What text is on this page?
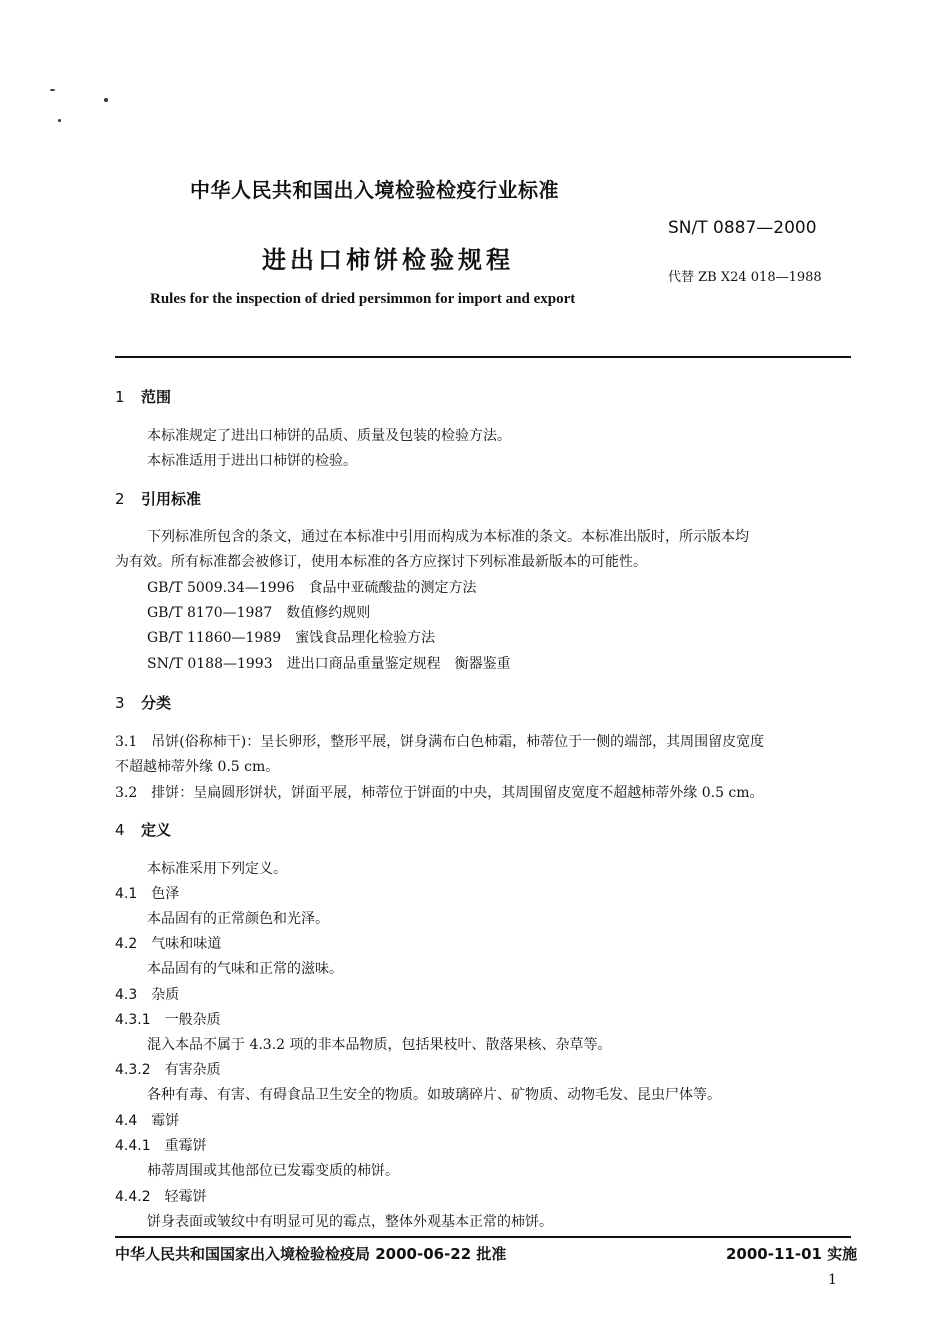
中华人民共和国出入境检验检疫行业标准
SN/T 0887—2000
进出口柿饼检验规程
代替 ZB X24 018—1988
Rules for the inspection of dried persimmon for import and export
1 范围
本标准规定了进出口柿饼的品质、质量及包装的检验方法。
本标准适用于进出口柿饼的检验。
2 引用标准
下列标准所包含的条文，通过在本标准中引用而构成为本标准的条文。本标准出版时，所示版本均
为有效。所有标准都会被修订，使用本标准的各方应探讨下列标准最新版本的可能性。
GB/T 5009.34—1996　 食品中亚硫酸盐的测定方法
GB/T 8170—1987　 数值修约规则
GB/T 11860—1989　 蜜饯食品理化检验方法
SN/T 0188—1993　 进出口商品重量鉴定规程　衡器鉴重
3 分类
3.1　吊饼(俗称柿干)：呈长卵形，整形平展，饼身满布白色柿霜，柿蒂位于一侧的端部，其周围留皮宽度
不超越柿蒂外缘 0.5 cm。
3.2　排饼：呈扁圆形饼状，饼面平展，柿蒂位于饼面的中央，其周围留皮宽度不超越柿蒂外缘 0.5 cm。
4 定义
本标准采用下列定义。
4.1　色泽
本品固有的正常颜色和光泽。
4.2　气味和味道
本品固有的气味和正常的滋味。
4.3　杂质
4.3.1　一般杂质
混入本品不属于 4.3.2 项的非本品物质，包括果枝叶、散落果核、杂草等。
4.3.2　有害杂质
各种有毒、有害、有碍食品卫生安全的物质。如玻璃碎片、矿物质、动物毛发、昆虫尸体等。
4.4　霉饼
4.4.1　重霉饼
柿蒂周围或其他部位已发霉变质的柿饼。
4.4.2　轻霉饼
饼身表面或皱纹中有明显可见的霉点，整体外观基本正常的柿饼。
中华人民共和国国家出入境检验检疫局 2000-06-22 批准	2000-11-01 实施
1
